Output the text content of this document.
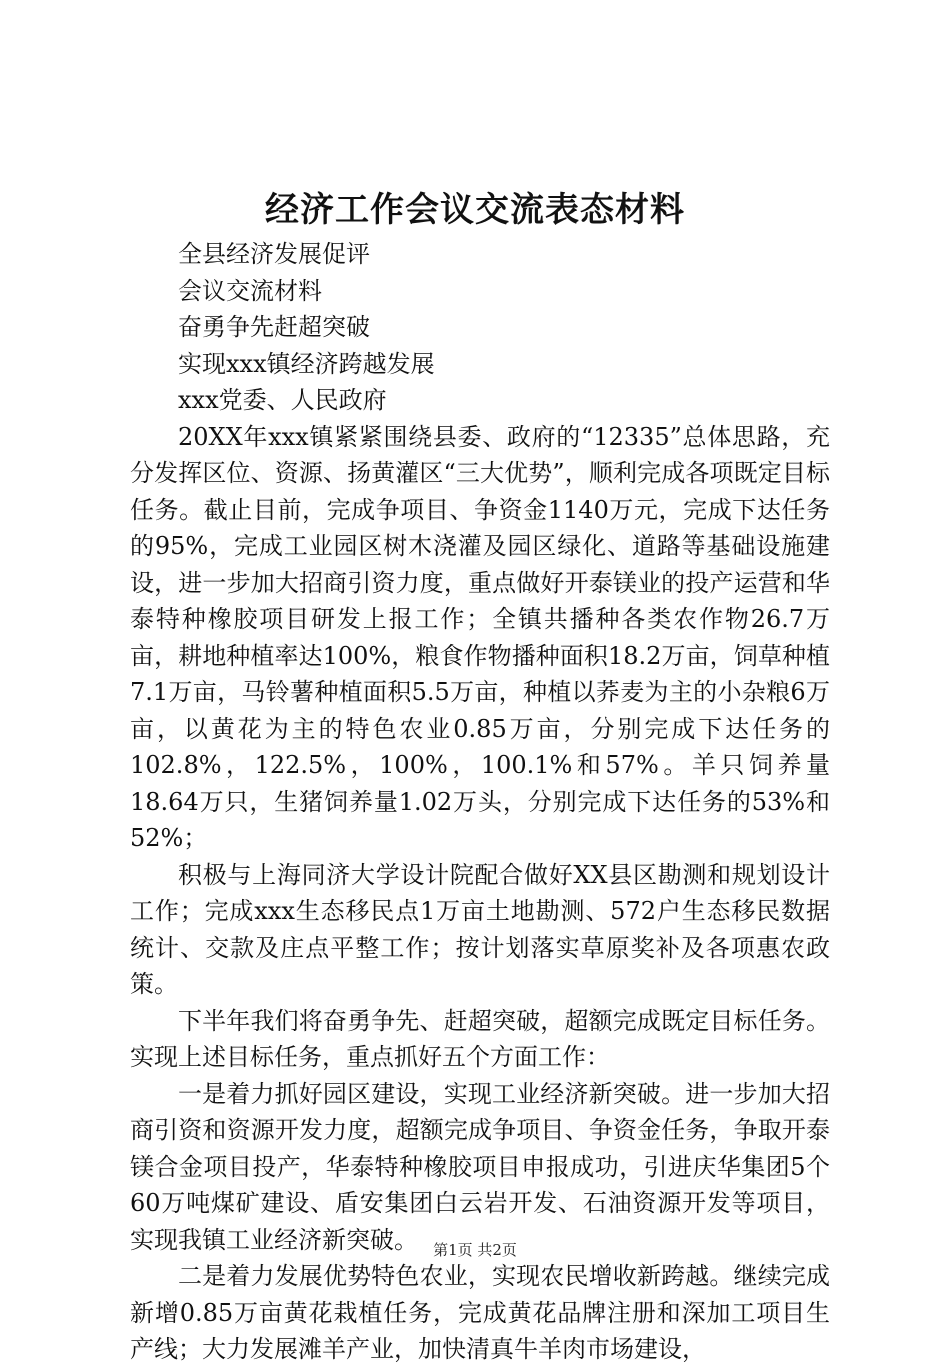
经济工作会议交流表态材料
全县经济发展促评
会议交流材料
奋勇争先赶超突破
实现xxx镇经济跨越发展
xxx党委、人民政府

20XX年xxx镇紧紧围绕县委、政府的“12335”总体思路，充分发挥区位、资源、扬黄灌区“三大优势”，顺利完成各项既定目标任务。截止目前，完成争项目、争资金1140万元，完成下达任务的95%，完成工业园区树木浇灌及园区绿化、道路等基础设施建设，进一步加大招商引资力度，重点做好开泰镁业的投产运营和华泰特种橡胶项目研发上报工作；全镇共播种各类农作物26.7万亩，耕地种植率达100%，粮食作物播种面积18.2万亩，饲草种植7.1万亩，马铃薯种植面积5.5万亩，种植以荞麦为主的小杂粮6万亩，以黄花为主的特色农业0.85万亩，分别完成下达任务的102.8%，122.5%，100%，100.1%和57%。羊只饲养量18.64万只，生猪饲养量1.02万头，分别完成下达任务的53%和52%；

积极与上海同济大学设计院配合做好XX县区勘测和规划设计工作；完成xxx生态移民点1万亩土地勘测、572户生态移民数据统计、交款及庄点平整工作；按计划落实草原奖补及各项惠农政策。

下半年我们将奋勇争先、赶超突破，超额完成既定目标任务。实现上述目标任务，重点抓好五个方面工作：

一是着力抓好园区建设，实现工业经济新突破。进一步加大招商引资和资源开发力度，超额完成争项目、争资金任务，争取开泰镁合金项目投产，华泰特种橡胶项目申报成功，引进庆华集团5个60万吨煤矿建设、盾安集团白云岩开发、石油资源开发等项目，实现我镇工业经济新突破。

二是着力发展优势特色农业，实现农民增收新跨越。继续完成新增0.85万亩黄花栽植任务，完成黄花品牌注册和深加工项目生产线；大力发展滩羊产业，加快清真牛羊肉市场建设，

第1页 共2页
